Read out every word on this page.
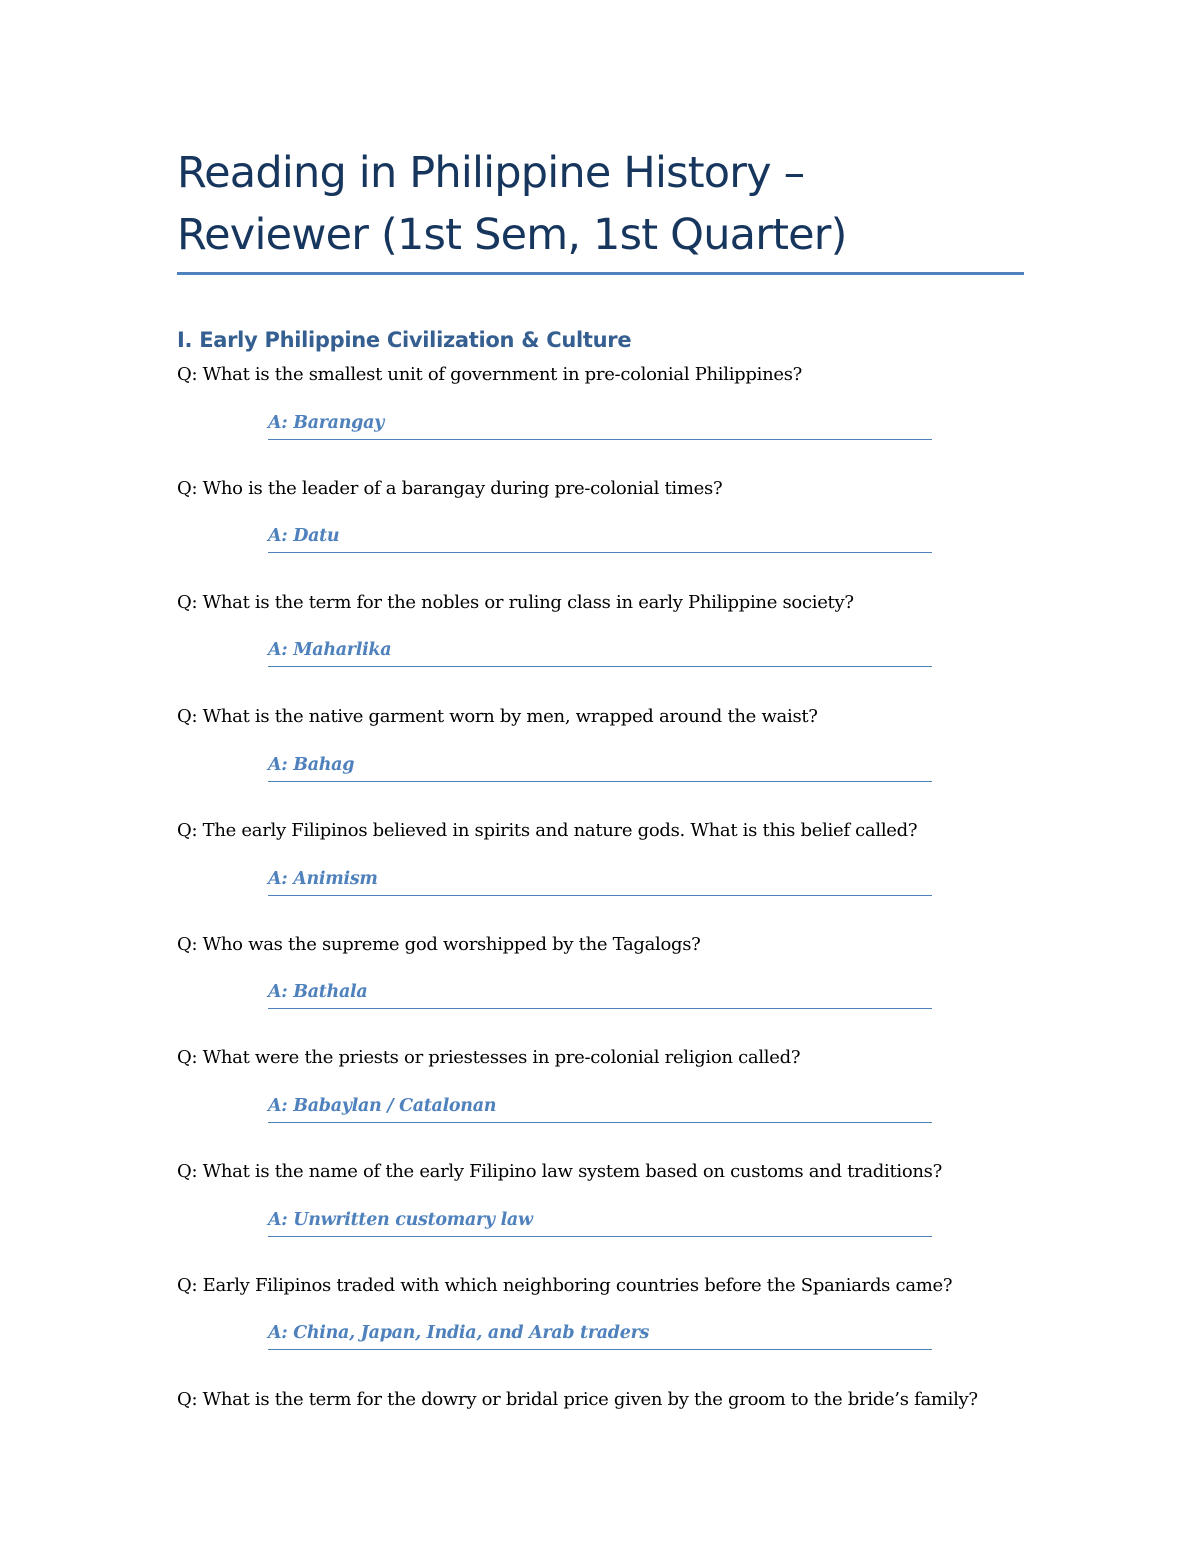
Reading in Philippine History –
Reviewer (1st Sem, 1st Quarter)
I. Early Philippine Civilization & Culture

Q: What is the smallest unit of government in pre-colonial Philippines?

A: Barangay

Q: Who is the leader of a barangay during pre-colonial times?

A: Datu

Q: What is the term for the nobles or ruling class in early Philippine society?

A: Maharlika

Q: What is the native garment worn by men, wrapped around the waist?

A: Bahag

Q: The early Filipinos believed in spirits and nature gods. What is this belief called?

A: Animism

Q: Who was the supreme god worshipped by the Tagalogs?

A: Bathala

Q: What were the priests or priestesses in pre-colonial religion called?

A: Babaylan / Catalonan

Q: What is the name of the early Filipino law system based on customs and traditions?

A: Unwritten customary law

Q: Early Filipinos traded with which neighboring countries before the Spaniards came?

A: China, Japan, India, and Arab traders

Q: What is the term for the dowry or bridal price given by the groom to the bride’s family?
